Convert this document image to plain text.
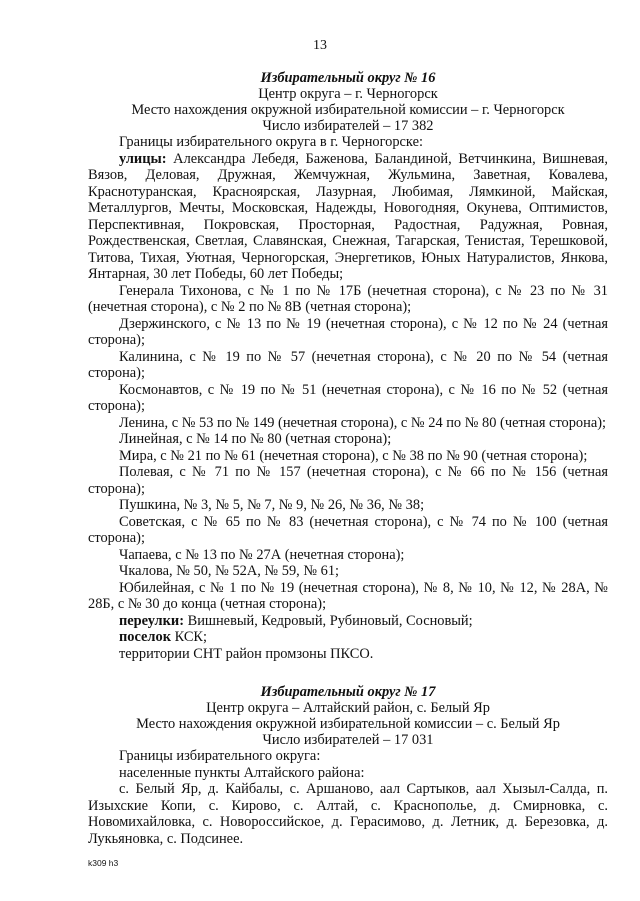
13
Избирательный округ № 16
Центр округа – г. Черногорск
Место нахождения окружной избирательной комиссии – г. Черногорск
Число избирателей – 17 382

Границы избирательного округа в г. Черногорске:

улицы: Александра Лебедя, Баженова, Баландиной, Ветчинкина, Вишневая, Вязов, Деловая, Дружная, Жемчужная, Жульмина, Заветная, Ковалева, Краснотуранская, Красноярская, Лазурная, Любимая, Лямкиной, Майская, Металлургов, Мечты, Московская, Надежды, Новогодняя, Окунева, Оптимистов, Перспективная, Покровская, Просторная, Радостная, Радужная, Ровная, Рождественская, Светлая, Славянская, Снежная, Тагарская, Тенистая, Терешковой, Титова, Тихая, Уютная, Черногорская, Энергетиков, Юных Натуралистов, Янкова, Янтарная, 30 лет Победы, 60 лет Победы;

Генерала Тихонова, с № 1 по № 17Б (нечетная сторона), с № 23 по № 31 (нечетная сторона), с № 2 по № 8В (четная сторона);

Дзержинского, с № 13 по № 19 (нечетная сторона), с № 12 по № 24 (четная сторона);

Калинина, с № 19 по № 57 (нечетная сторона), с № 20 по № 54 (четная сторона);

Космонавтов, с № 19 по № 51 (нечетная сторона), с № 16 по № 52 (четная сторона);

Ленина, с № 53 по № 149 (нечетная сторона), с № 24 по № 80 (четная сторона);

Линейная, с № 14 по № 80 (четная сторона);

Мира, с № 21 по № 61 (нечетная сторона), с № 38 по № 90 (четная сторона);

Полевая, с № 71 по № 157 (нечетная сторона), с № 66 по № 156 (четная сторона);

Пушкина, № 3, № 5, № 7, № 9, № 26, № 36, № 38;

Советская, с № 65 по № 83 (нечетная сторона), с № 74 по № 100 (четная сторона);

Чапаева, с № 13 по № 27А (нечетная сторона);

Чкалова, № 50, № 52А, № 59, № 61;

Юбилейная, с № 1 по № 19 (нечетная сторона), № 8, № 10, № 12, № 28А, № 28Б, с № 30 до конца (четная сторона);

переулки: Вишневый, Кедровый, Рубиновый, Сосновый;

поселок КСК;

территории СНТ район промзоны ПКСО.

Избирательный округ № 17
Центр округа – Алтайский район, с. Белый Яр
Место нахождения окружной избирательной комиссии – с. Белый Яр
Число избирателей – 17 031

Границы избирательного округа:

населенные пункты Алтайского района:

с. Белый Яр, д. Кайбалы, с. Аршаново, аал Сартыков, аал Хызыл-Салда, п. Изыхские Копи, с. Кирово, с. Алтай, с. Краснополье, д. Смирновка, с. Новомихайловка, с. Новороссийское, д. Герасимово, д. Летник, д. Березовка, д. Лукьяновка, с. Подсинее.

k309 h3
